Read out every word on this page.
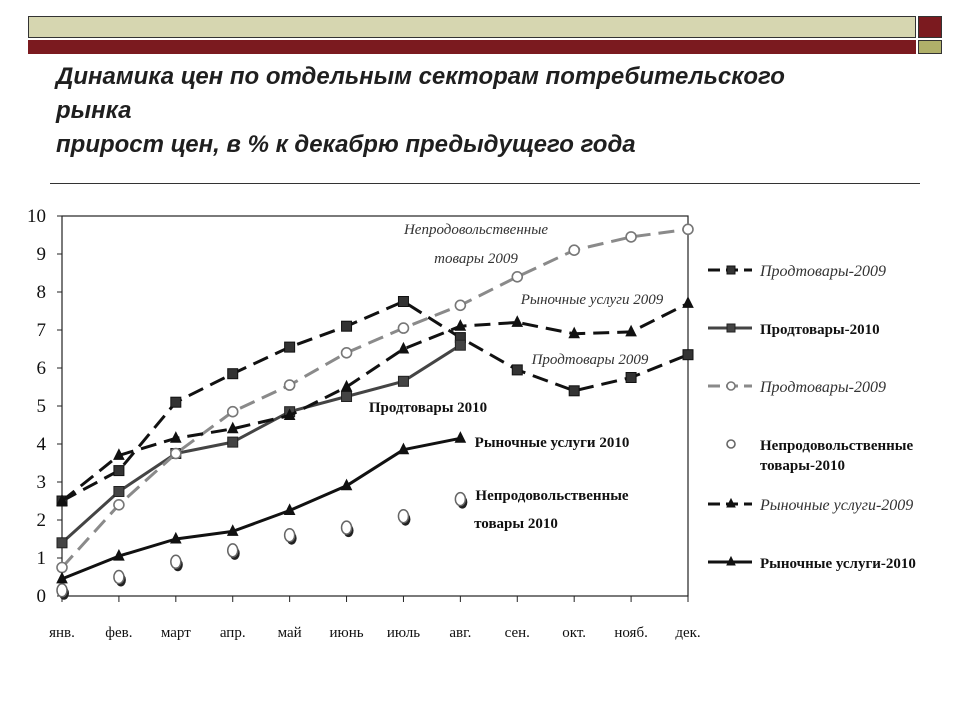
Динамика цен по отдельным секторам потребительского
рынка
прирост цен, в % к декабрю предыдущего года
0
1
2
3
4
5
6
7
8
9
10
янв. фев. март апр. май июнь июль авг. сен. окт. нояб. дек.
Непродовольственные
товары 2009
Рыночные услуги 2009
Продтовары 2009
Продтовары 2010
Рыночные услуги 2010
Непродовольственные
товары 2010
Продтовары-2009
Продтовары-2010
Продтовары-2009
Непродовольственные
товары-2010
Рыночные услуги-2009
Рыночные услуги-2010
